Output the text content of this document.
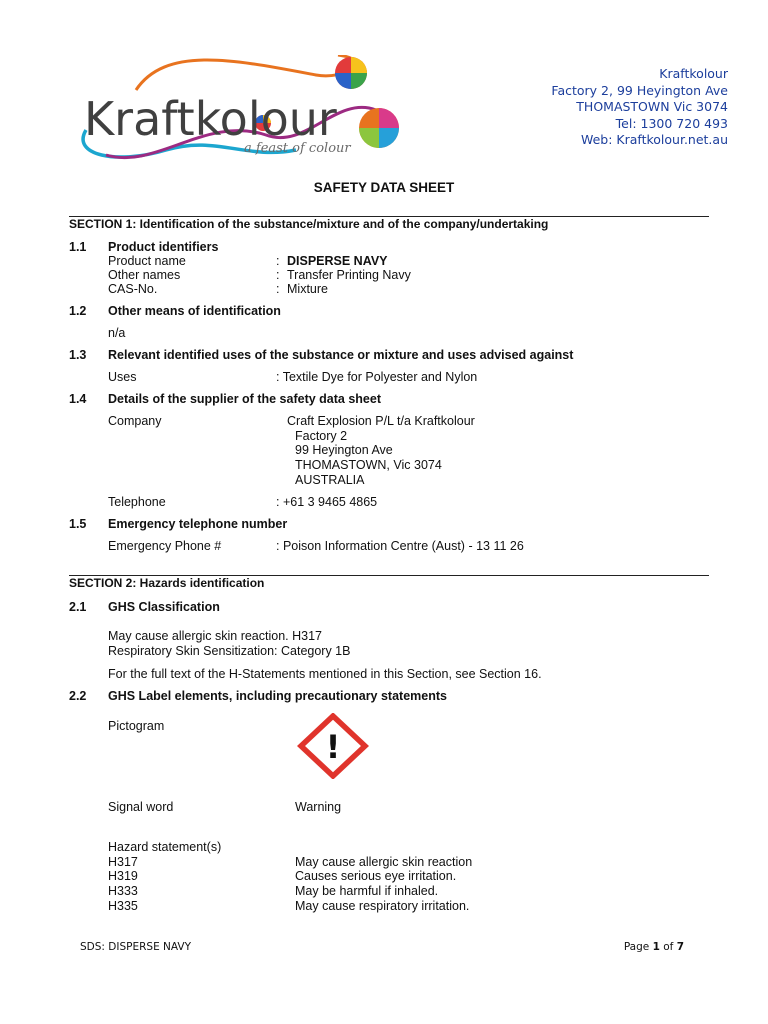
Kraftkolour
a feast of colour
Kraftkolour
Factory 2, 99 Heyington Ave
THOMASTOWN Vic 3074
Tel: 1300 720 493
Web: Kraftkolour.net.au
SAFETY DATA SHEET
SECTION 1: Identification of the substance/mixture and of the company/undertaking
1.1 Product identifiers
Product name	: DISPERSE NAVY
Other names	: Transfer Printing Navy
CAS-No.	: Mixture
1.2 Other means of identification
n/a
1.3 Relevant identified uses of the substance or mixture and uses advised against
Uses	: Textile Dye for Polyester and Nylon
1.4 Details of the supplier of the safety data sheet
Company	Craft Explosion P/L t/a Kraftkolour
Factory 2
99 Heyington Ave
THOMASTOWN, Vic 3074
AUSTRALIA
Telephone	: +61 3 9465 4865
1.5 Emergency telephone number
Emergency Phone #	: Poison Information Centre (Aust) - 13 11 26
SECTION 2: Hazards identification
2.1 GHS Classification
May cause allergic skin reaction. H317
Respiratory Skin Sensitization: Category 1B
For the full text of the H-Statements mentioned in this Section, see Section 16.
2.2 GHS Label elements, including precautionary statements
Pictogram
!
Signal word	Warning
Hazard statement(s)
H317	May cause allergic skin reaction
H319	Causes serious eye irritation.
H333	May be harmful if inhaled.
H335	May cause respiratory irritation.
SDS: DISPERSE NAVY	Page 1 of 7
